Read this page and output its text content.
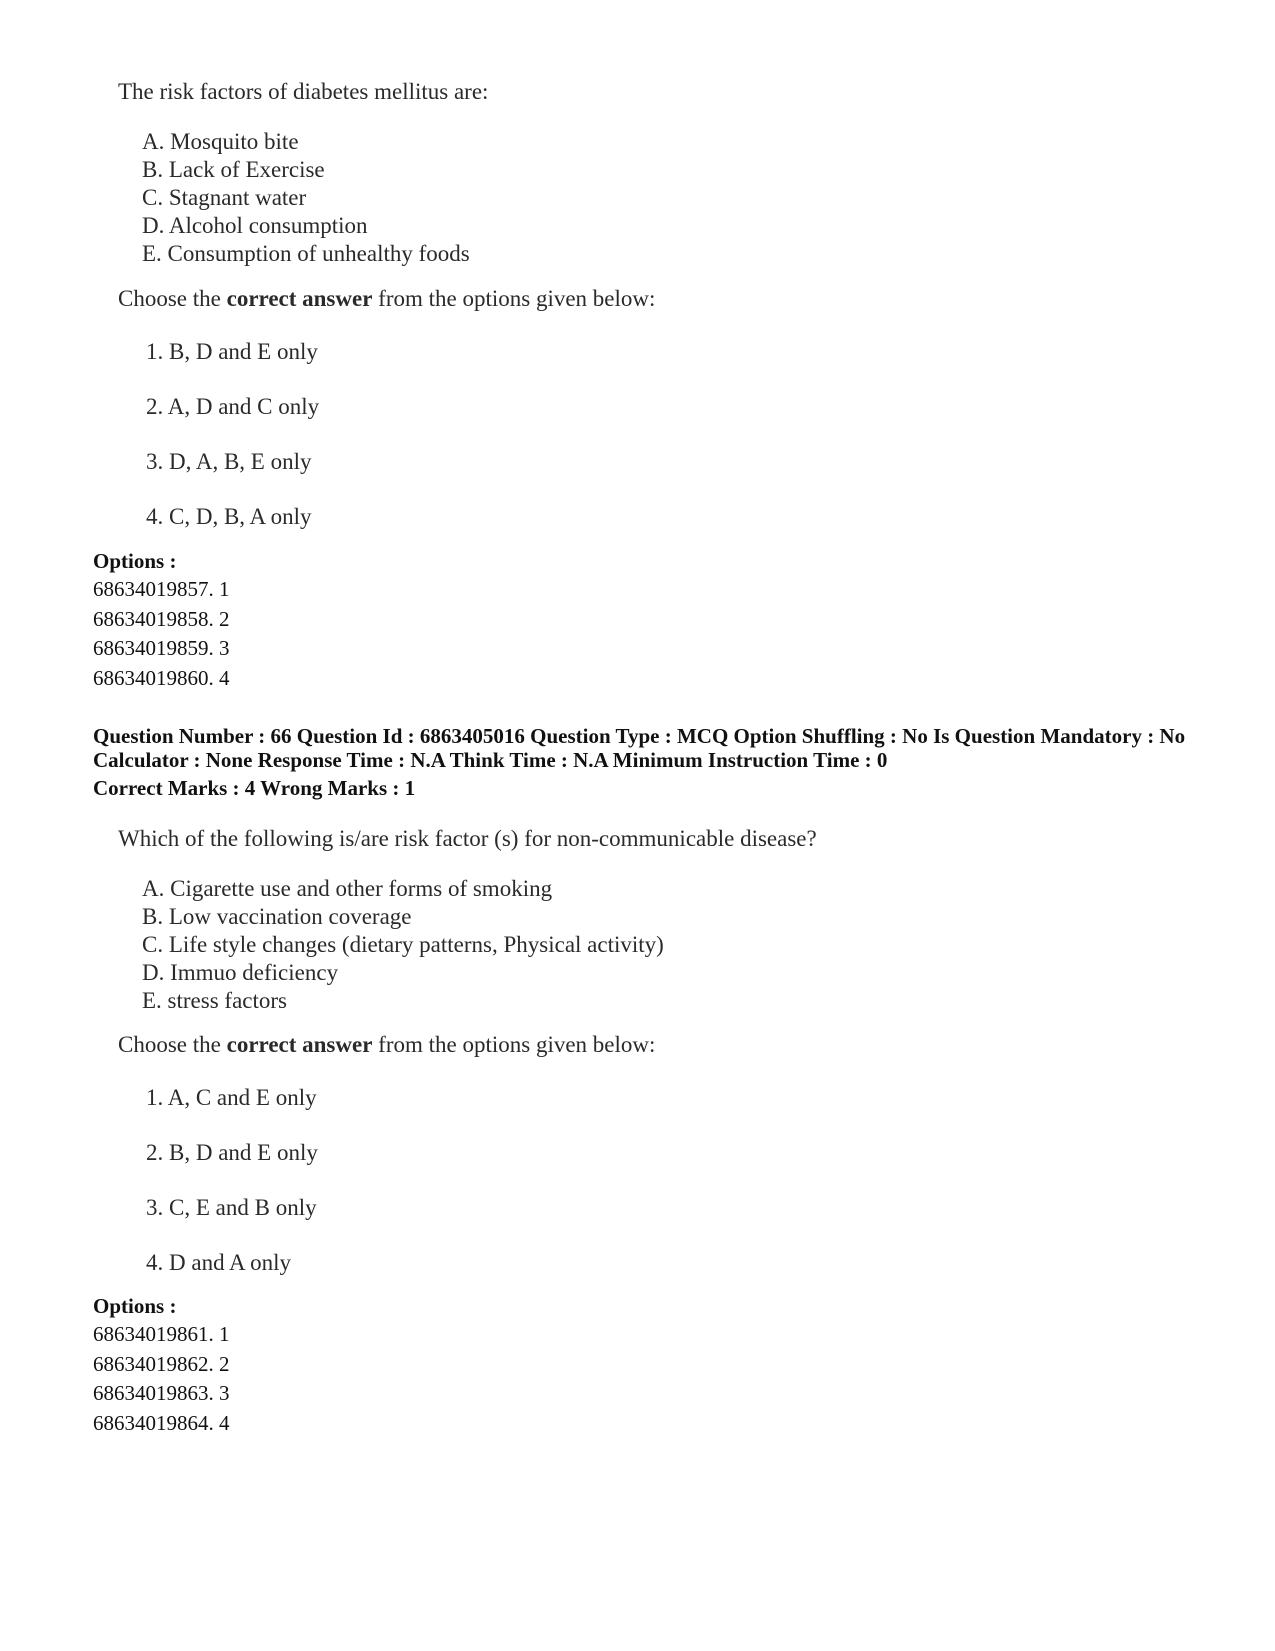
The risk factors of diabetes mellitus are:
A. Mosquito bite
B. Lack of Exercise
C. Stagnant water
D. Alcohol consumption
E. Consumption of unhealthy foods
Choose the correct answer from the options given below:
1. B, D and E only
2. A, D and C only
3. D, A, B, E only
4. C, D, B, A only
Options :
68634019857. 1
68634019858. 2
68634019859. 3
68634019860. 4
Question Number : 66 Question Id : 6863405016 Question Type : MCQ Option Shuffling : No Is Question Mandatory : No Calculator : None Response Time : N.A Think Time : N.A Minimum Instruction Time : 0
Correct Marks : 4 Wrong Marks : 1
Which of the following is/are risk factor (s) for non-communicable disease?
A. Cigarette use and other forms of smoking
B. Low vaccination coverage
C. Life style changes (dietary patterns, Physical activity)
D. Immuo deficiency
E. stress factors
Choose the correct answer from the options given below:
1. A, C and E only
2. B, D and E only
3. C, E and B only
4. D and A only
Options :
68634019861. 1
68634019862. 2
68634019863. 3
68634019864. 4
